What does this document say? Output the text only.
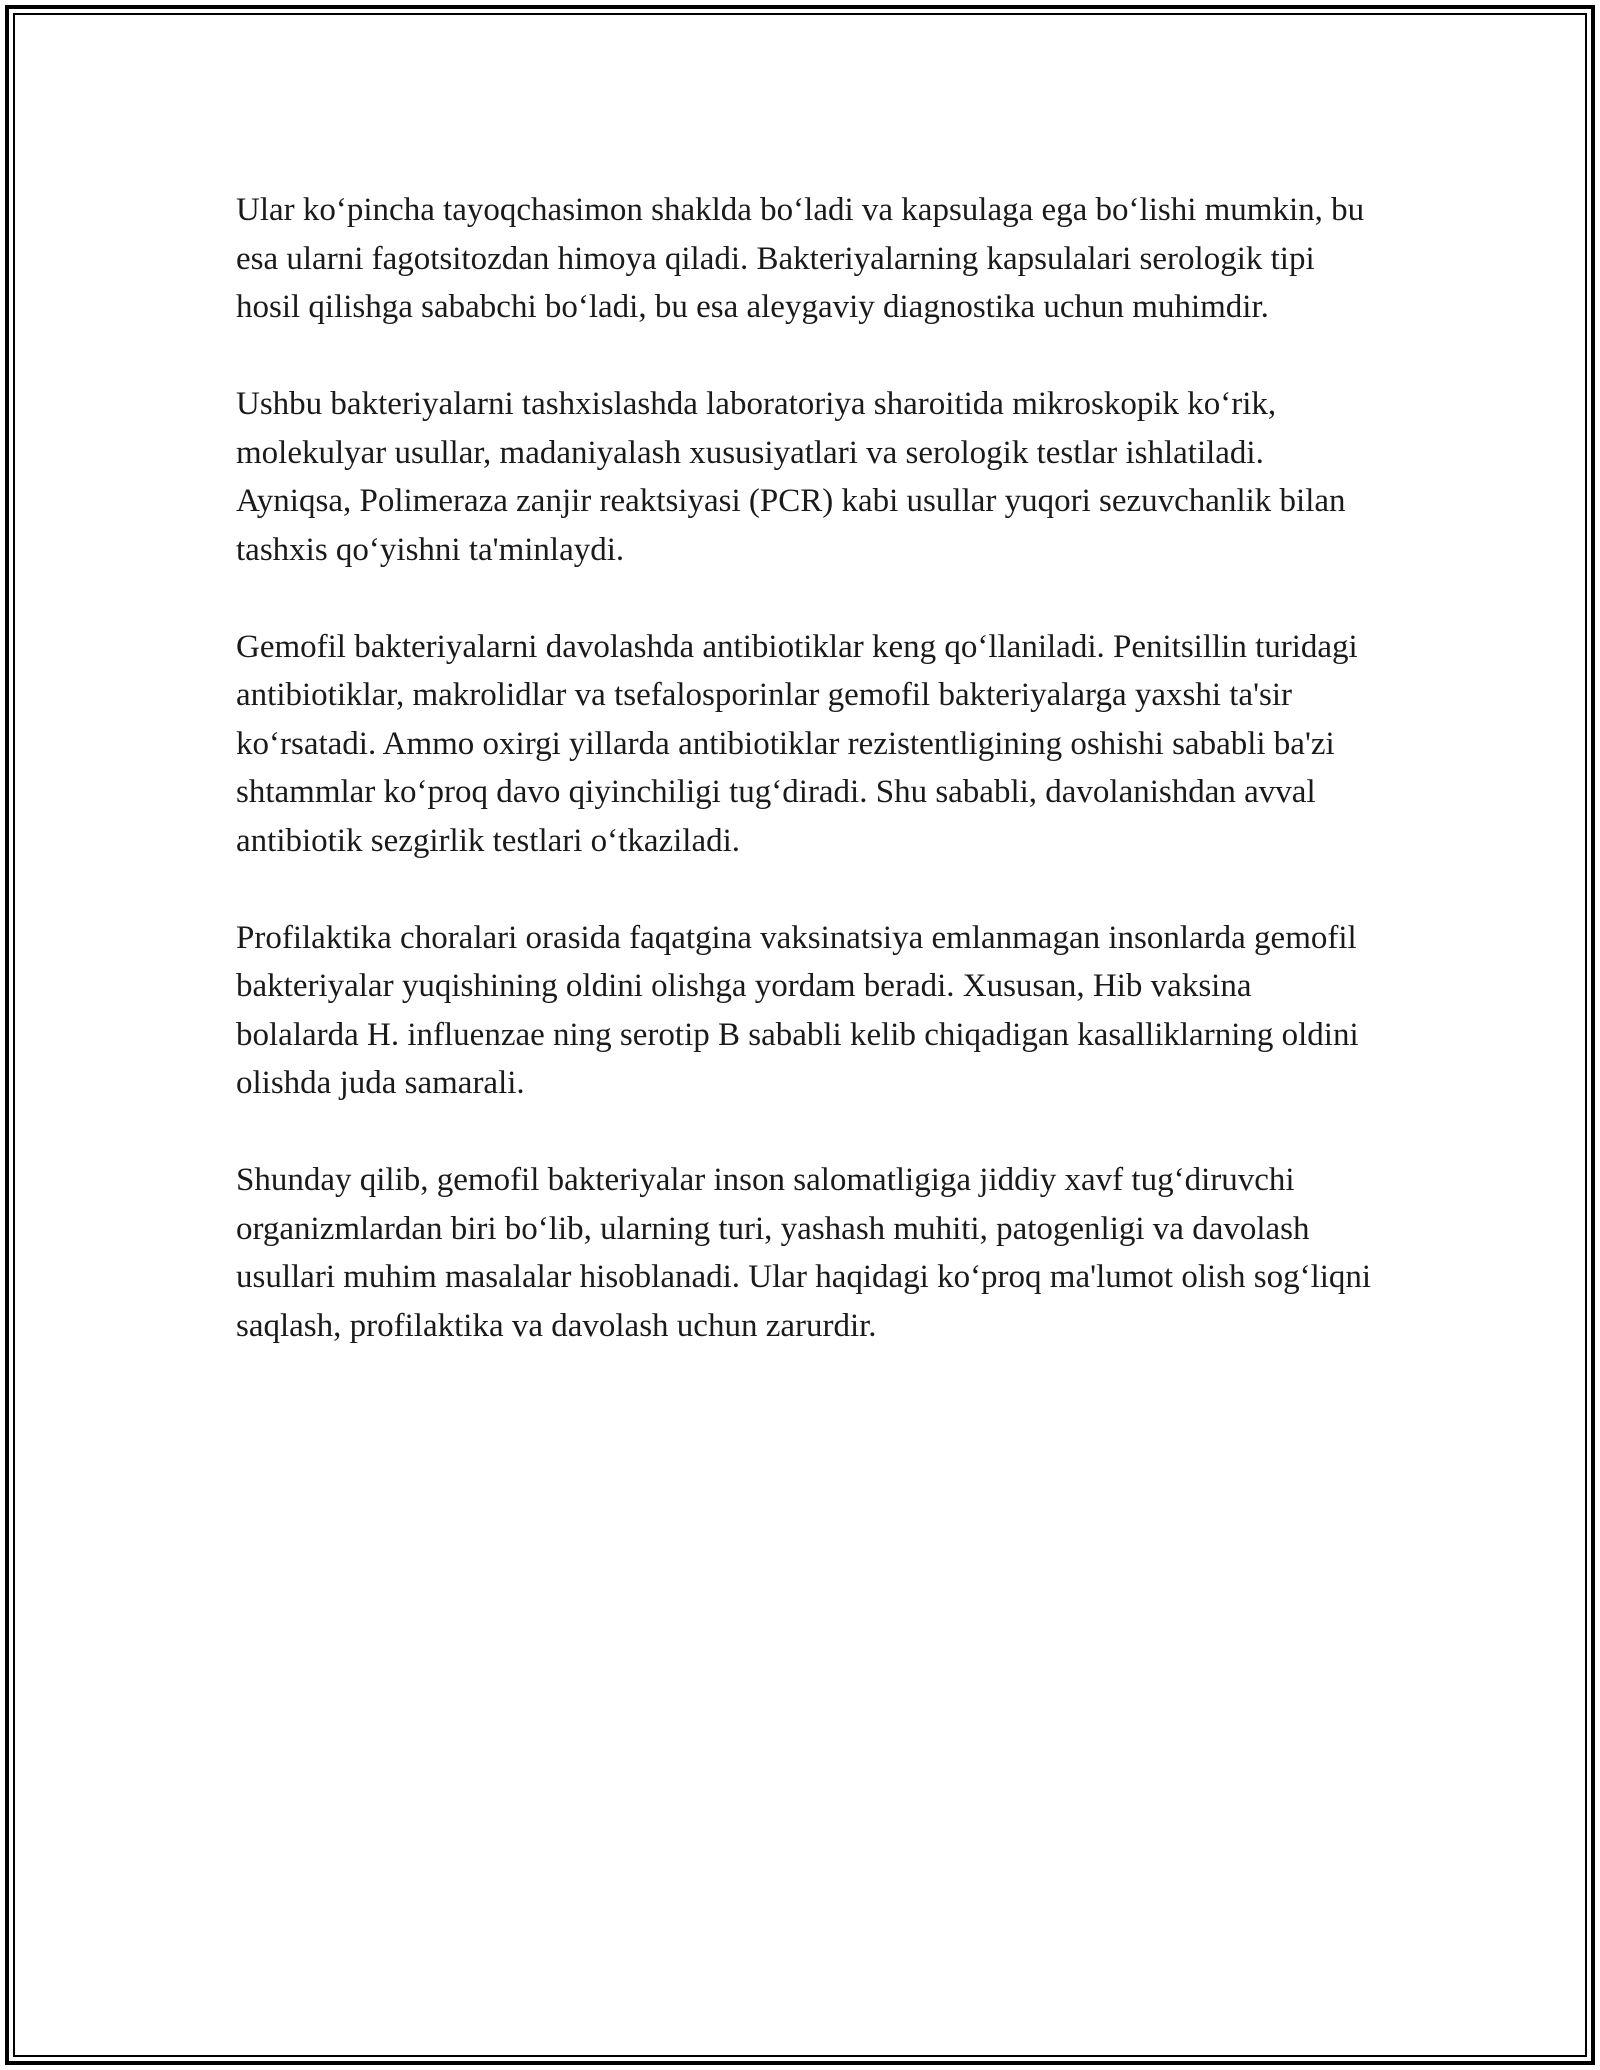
Ular ko‘pincha tayoqchasimon shaklda bo‘ladi va kapsulaga ega bo‘lishi mumkin, bu esa ularni fagotsitozdan himoya qiladi. Bakteriyalarning kapsulalari serologik tipi hosil qilishga sababchi bo‘ladi, bu esa aleygaviy diagnostika uchun muhimdir.

Ushbu bakteriyalarni tashxislashda laboratoriya sharoitida mikroskopik ko‘rik, molekulyar usullar, madaniyalash xususiyatlari va serologik testlar ishlatiladi. Ayniqsa, Polimeraza zanjir reaktsiyasi (PCR) kabi usullar yuqori sezuvchanlik bilan tashxis qo‘yishni ta'minlaydi.

Gemofil bakteriyalarni davolashda antibiotiklar keng qo‘llaniladi. Penitsillin turidagi antibiotiklar, makrolidlar va tsefalosporinlar gemofil bakteriyalarga yaxshi ta'sir ko‘rsatadi. Ammo oxirgi yillarda antibiotiklar rezistentligining oshishi sababli ba'zi shtammlar ko‘proq davo qiyinchiligi tug‘diradi. Shu sababli, davolanishdan avval antibiotik sezgirlik testlari o‘tkaziladi.

Profilaktika choralari orasida faqatgina vaksinatsiya emlanmagan insonlarda gemofil bakteriyalar yuqishining oldini olishga yordam beradi. Xususan, Hib vaksina bolalarda H. influenzae ning serotip B sababli kelib chiqadigan kasalliklarning oldini olishda juda samarali.

Shunday qilib, gemofil bakteriyalar inson salomatligiga jiddiy xavf tug‘diruvchi organizmlardan biri bo‘lib, ularning turi, yashash muhiti, patogenligi va davolash usullari muhim masalalar hisoblanadi. Ular haqidagi ko‘proq ma'lumot olish sog‘liqni saqlash, profilaktika va davolash uchun zarurdir.
